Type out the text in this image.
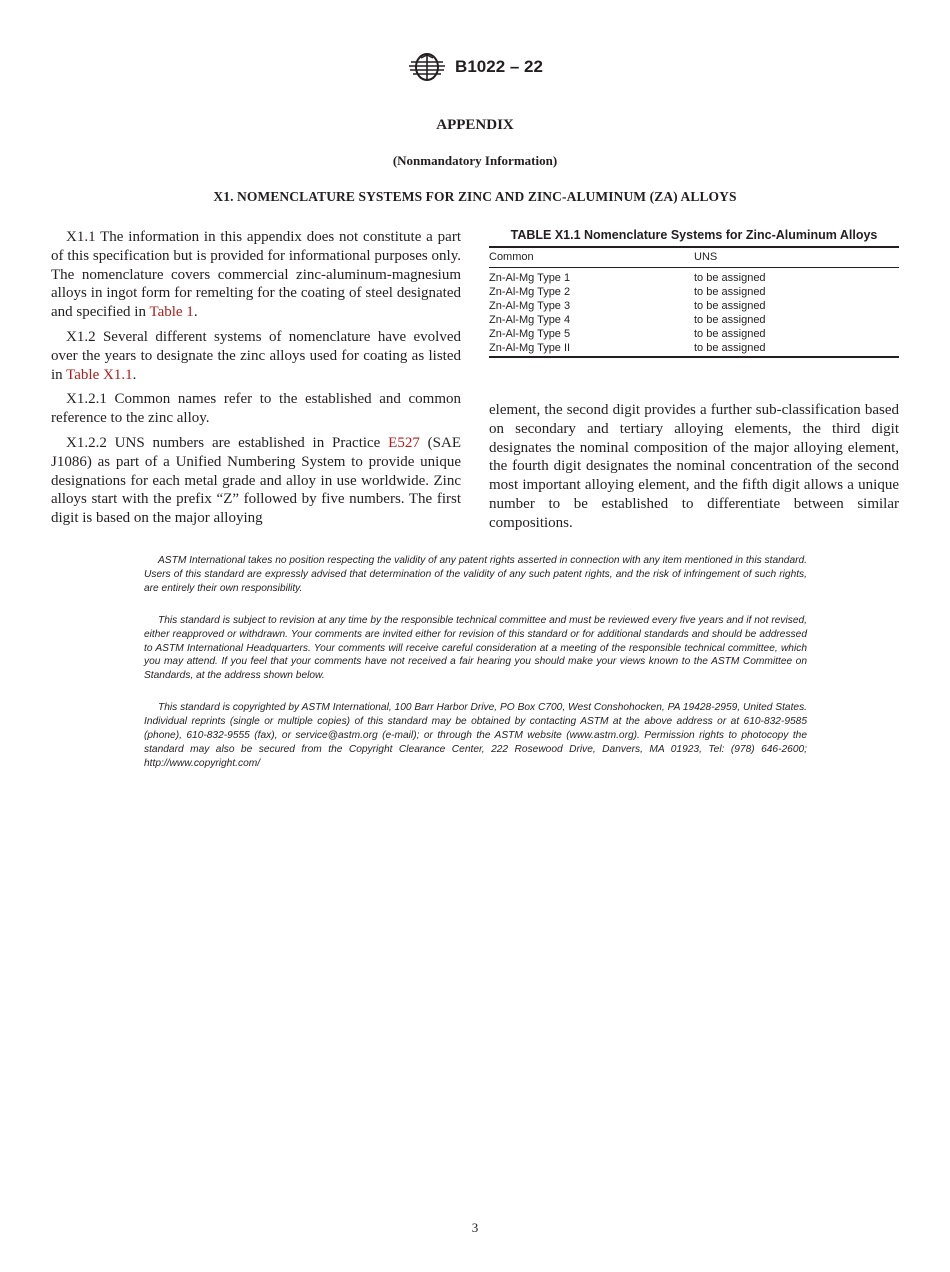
B1022 – 22
APPENDIX
(Nonmandatory Information)
X1. NOMENCLATURE SYSTEMS FOR ZINC AND ZINC-ALUMINUM (ZA) ALLOYS

X1.1 The information in this appendix does not constitute a part of this specification but is provided for informational purposes only. The nomenclature covers commercial zinc-aluminum-magnesium alloys in ingot form for remelting for the coating of steel designated and specified in Table 1.

X1.2 Several different systems of nomenclature have evolved over the years to designate the zinc alloys used for coating as listed in Table X1.1.

X1.2.1 Common names refer to the established and common reference to the zinc alloy.

X1.2.2 UNS numbers are established in Practice E527 (SAE J1086) as part of a Unified Numbering System to provide unique designations for each metal grade and alloy in use worldwide. Zinc alloys start with the prefix “Z” followed by five numbers. The first digit is based on the major alloying

TABLE X1.1 Nomenclature Systems for Zinc-Aluminum Alloys
Common	UNS
Zn-Al-Mg Type 1	to be assigned
Zn-Al-Mg Type 2	to be assigned
Zn-Al-Mg Type 3	to be assigned
Zn-Al-Mg Type 4	to be assigned
Zn-Al-Mg Type 5	to be assigned
Zn-Al-Mg Type II	to be assigned

element, the second digit provides a further sub-classification based on secondary and tertiary alloying elements, the third digit designates the nominal composition of the major alloying element, the fourth digit designates the nominal concentration of the second most important alloying element, and the fifth digit allows a unique number to be established to differentiate between similar compositions.

ASTM International takes no position respecting the validity of any patent rights asserted in connection with any item mentioned in this standard. Users of this standard are expressly advised that determination of the validity of any such patent rights, and the risk of infringement of such rights, are entirely their own responsibility.

This standard is subject to revision at any time by the responsible technical committee and must be reviewed every five years and if not revised, either reapproved or withdrawn. Your comments are invited either for revision of this standard or for additional standards and should be addressed to ASTM International Headquarters. Your comments will receive careful consideration at a meeting of the responsible technical committee, which you may attend. If you feel that your comments have not received a fair hearing you should make your views known to the ASTM Committee on Standards, at the address shown below.

This standard is copyrighted by ASTM International, 100 Barr Harbor Drive, PO Box C700, West Conshohocken, PA 19428-2959, United States. Individual reprints (single or multiple copies) of this standard may be obtained by contacting ASTM at the above address or at 610-832-9585 (phone), 610-832-9555 (fax), or service@astm.org (e-mail); or through the ASTM website (www.astm.org). Permission rights to photocopy the standard may also be secured from the Copyright Clearance Center, 222 Rosewood Drive, Danvers, MA 01923, Tel: (978) 646-2600; http://www.copyright.com/

3
